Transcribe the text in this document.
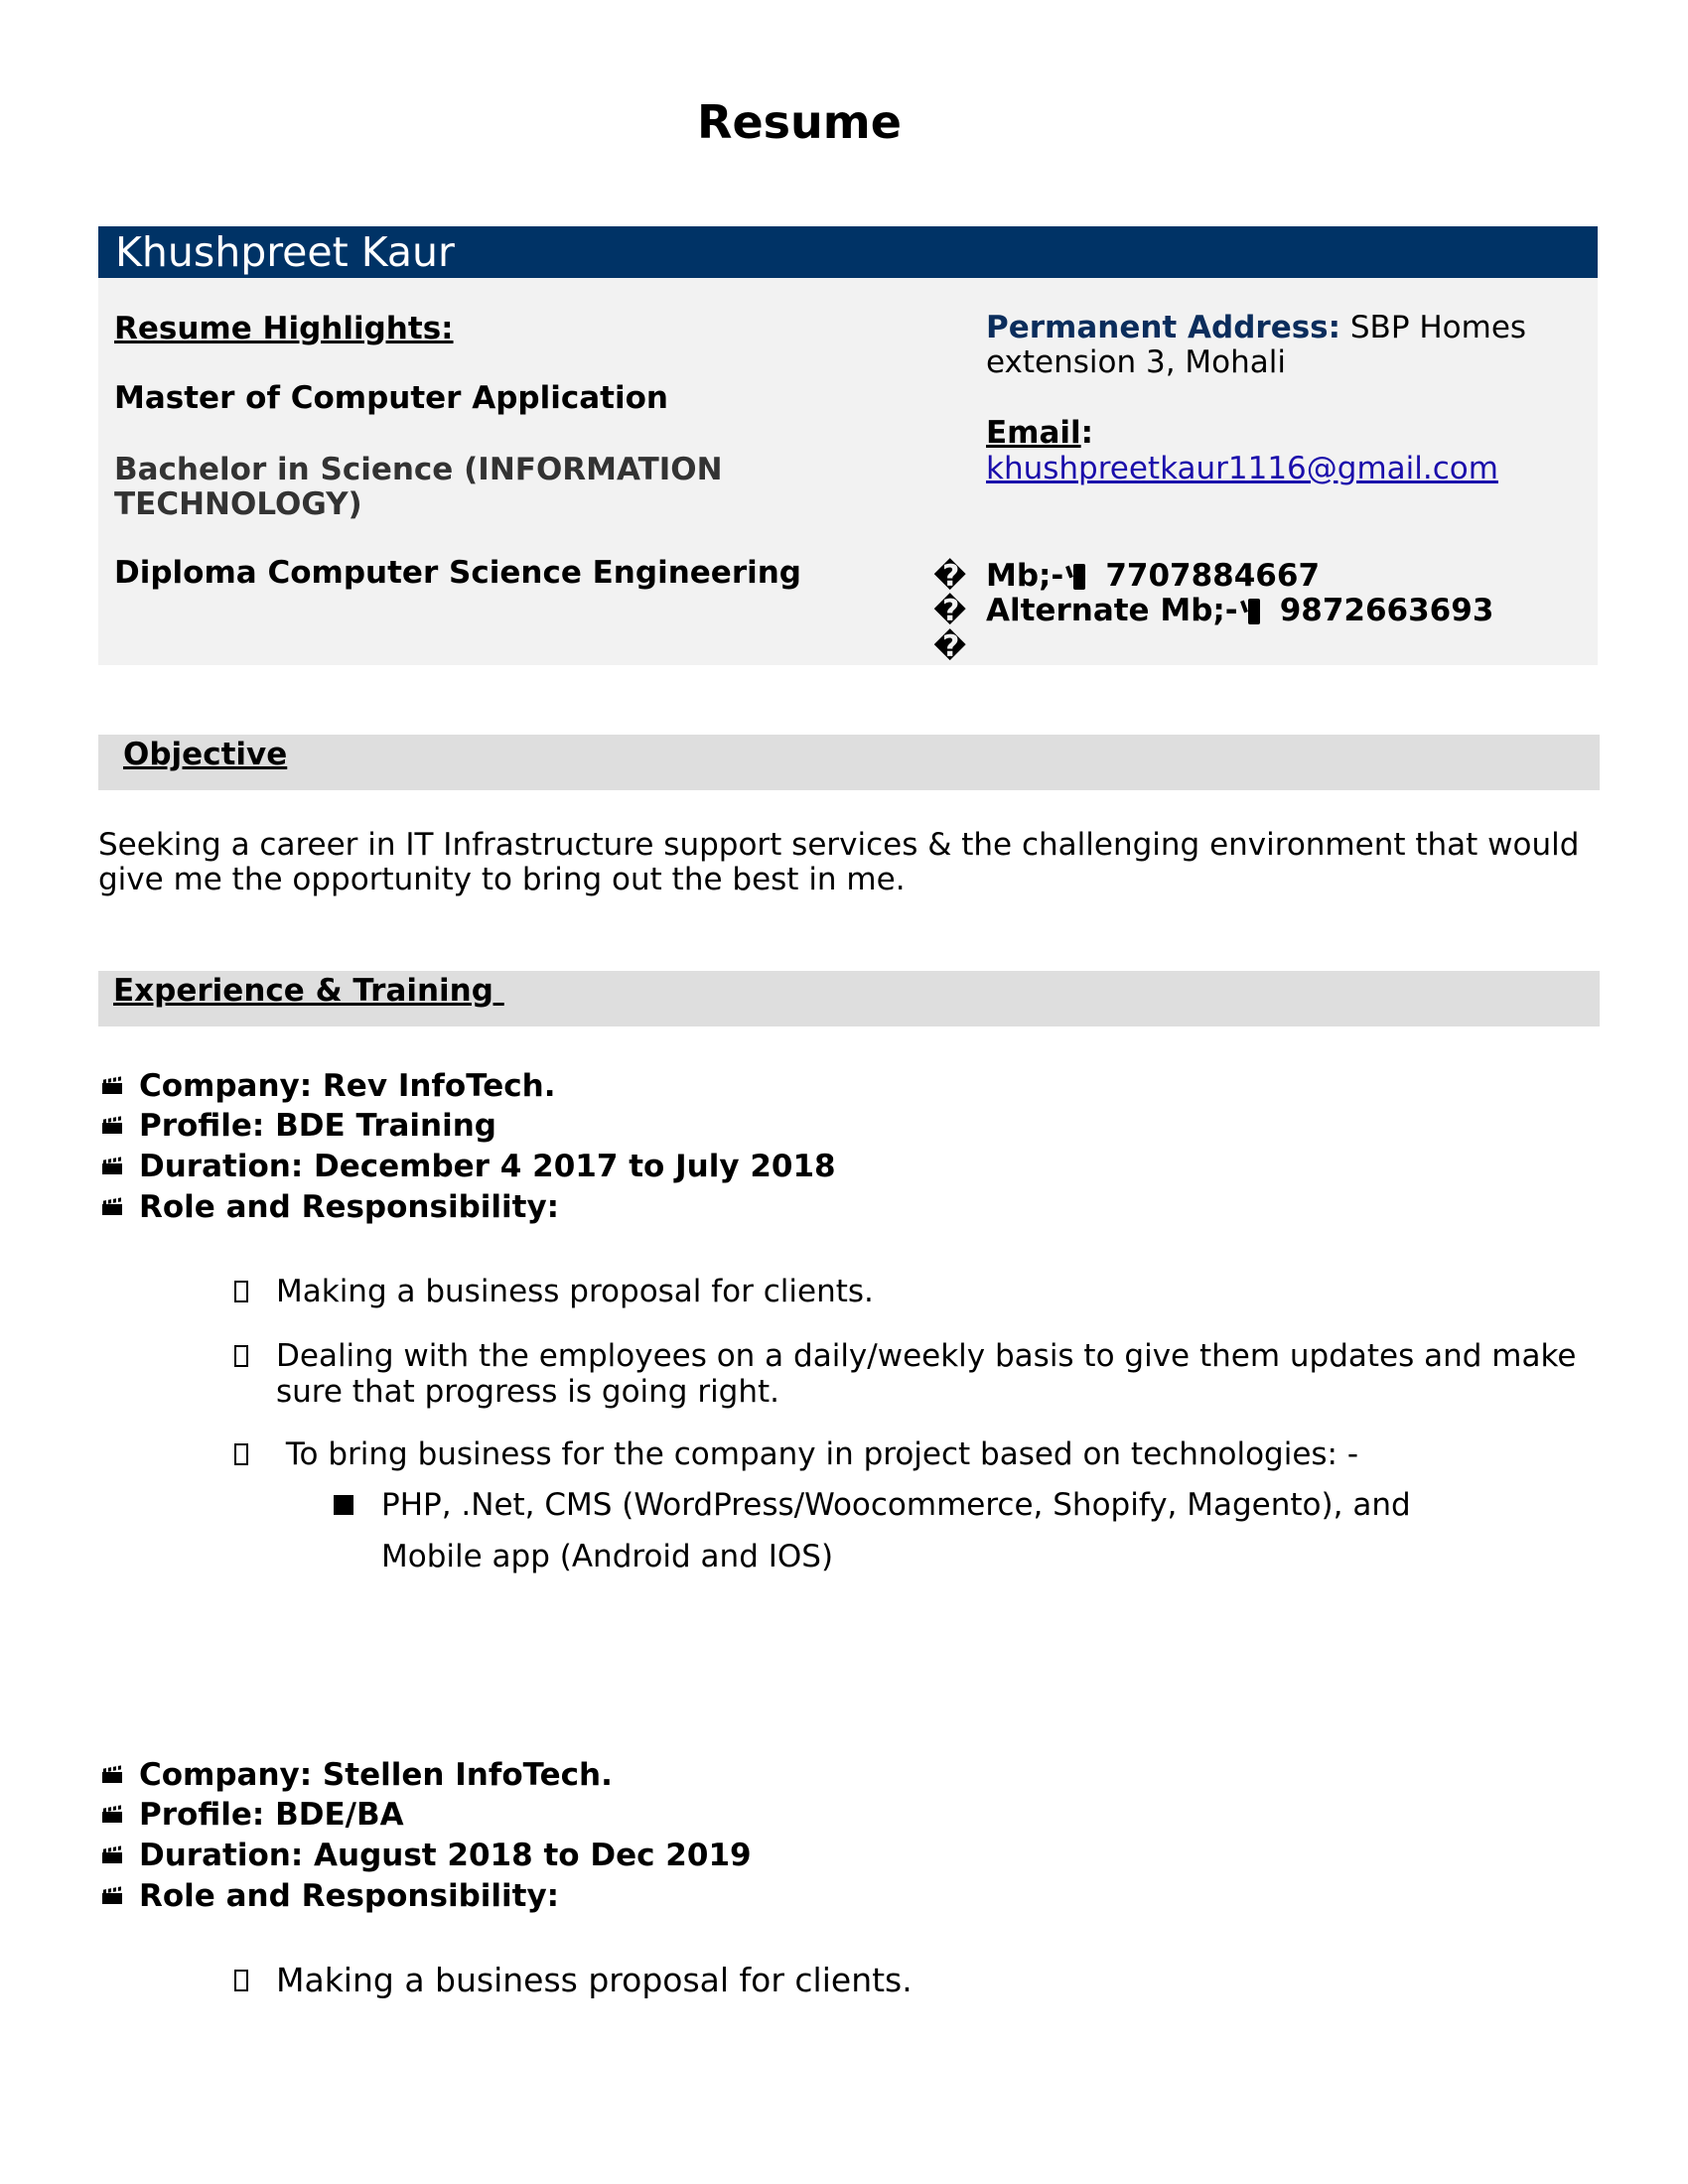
Resume
Khushpreet Kaur
Resume Highlights:
Master of Computer Application
Bachelor in Science (INFORMATION TECHNOLOGY)
Diploma Computer Science Engineering
Permanent Address: SBP Homes extension 3, Mohali
Email:
khushpreetkaur1116@gmail.com
�
�
�
Mb;- 7707884667
Alternate Mb;- 9872663693
Objective
Seeking a career in IT Infrastructure support services & the challenging environment that would give me the opportunity to bring out the best in me.
Experience & Training
Company: Rev InfoTech.
Profile: BDE Training
Duration: December 4 2017 to July 2018
Role and Responsibility:
Making a business proposal for clients.
Dealing with the employees on a daily/weekly basis to give them updates and make sure that progress is going right.
To bring business for the company in project based on technologies: -
PHP, .Net, CMS (WordPress/Woocommerce, Shopify, Magento), and Mobile app (Android and IOS)
Company: Stellen InfoTech.
Profile: BDE/BA
Duration: August 2018 to Dec 2019
Role and Responsibility:
Making a business proposal for clients.
